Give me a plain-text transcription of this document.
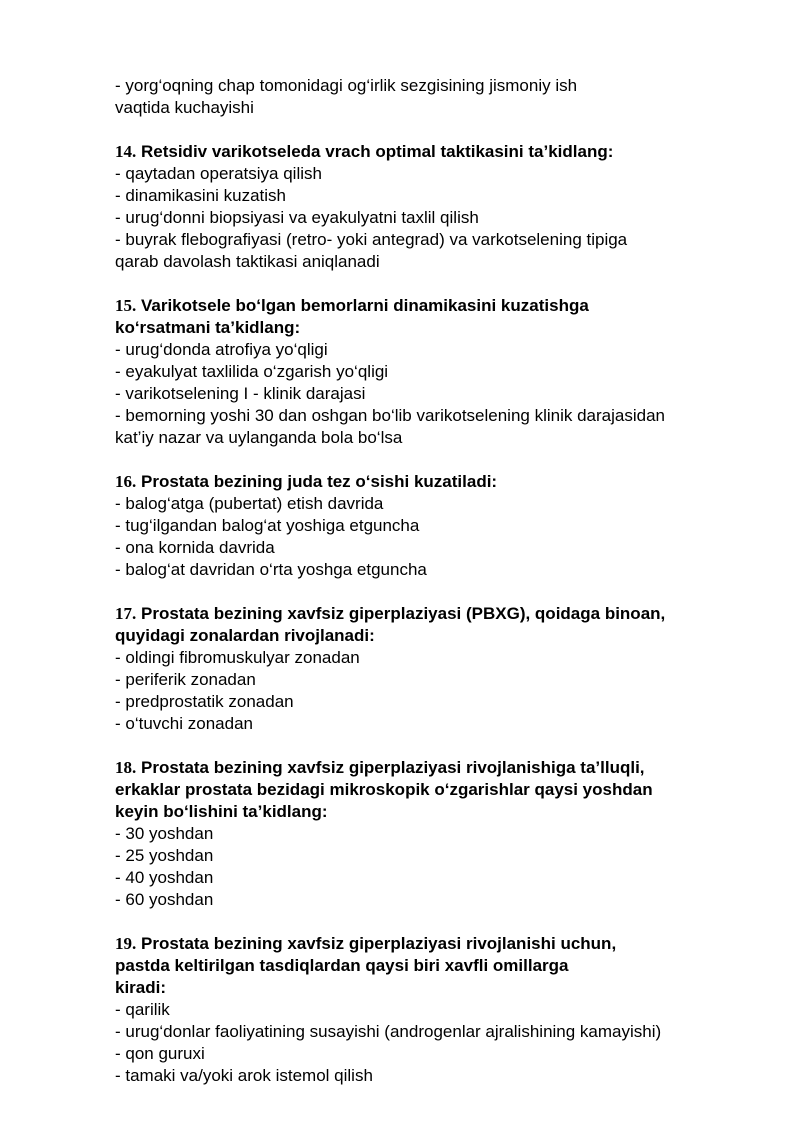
- yorg‘oqning chap tomonidagi og‘irlik sezgisining jismoniy ish
vaqtida kuchayishi
14. Retsidiv varikotseleda vrach optimal taktikasini ta’kidlang:
- qaytadan operatsiya qilish
- dinamikasini kuzatish
- urug‘donni biopsiyasi va eyakulyatni taxlil qilish
- buyrak flebografiyasi (retro- yoki antegrad) va varkotselening tipiga
qarab davolash taktikasi aniqlanadi
15. Varikotsele bo‘lgan bemorlarni dinamikasini kuzatishga
ko‘rsatmani ta’kidlang:
- urug‘donda atrofiya yo‘qligi
- eyakulyat taxlilida o‘zgarish yo‘qligi
- varikotselening I - klinik darajasi
- bemorning yoshi 30 dan oshgan bo‘lib varikotselening klinik darajasidan
kat’iy nazar va uylanganda bola bo‘lsa
16. Prostata bezining juda tez o‘sishi kuzatiladi:
- balog‘atga (pubertat) etish davrida
- tug‘ilgandan balog‘at yoshiga etguncha
- ona kornida davrida
- balog‘at davridan o‘rta yoshga etguncha
17. Prostata bezining xavfsiz giperplaziyasi (PBXG), qoidaga binoan,
quyidagi zonalardan rivojlanadi:
- oldingi fibromuskulyar zonadan
- periferik zonadan
- predprostatik zonadan
- o‘tuvchi zonadan
18. Prostata bezining xavfsiz giperplaziyasi rivojlanishiga ta’lluqli,
erkaklar prostata bezidagi mikroskopik o‘zgarishlar qaysi yoshdan
keyin bo‘lishini ta’kidlang:
- 30 yoshdan
- 25 yoshdan
- 40 yoshdan
- 60 yoshdan
19. Prostata bezining xavfsiz giperplaziyasi rivojlanishi uchun,
pastda keltirilgan tasdiqlardan qaysi biri xavfli omillarga
kiradi:
- qarilik
- urug‘donlar faoliyatining susayishi (androgenlar ajralishining kamayishi)
- qon guruxi
- tamaki va/yoki arok istemol qilish
